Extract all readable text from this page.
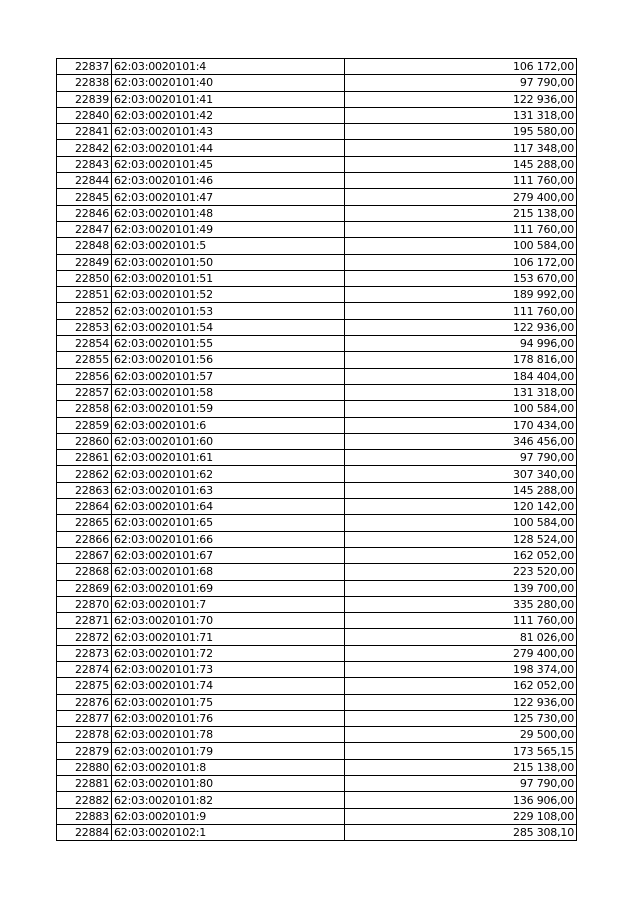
22837	62:03:0020101:4	106 172,00
22838	62:03:0020101:40	97 790,00
22839	62:03:0020101:41	122 936,00
22840	62:03:0020101:42	131 318,00
22841	62:03:0020101:43	195 580,00
22842	62:03:0020101:44	117 348,00
22843	62:03:0020101:45	145 288,00
22844	62:03:0020101:46	111 760,00
22845	62:03:0020101:47	279 400,00
22846	62:03:0020101:48	215 138,00
22847	62:03:0020101:49	111 760,00
22848	62:03:0020101:5	100 584,00
22849	62:03:0020101:50	106 172,00
22850	62:03:0020101:51	153 670,00
22851	62:03:0020101:52	189 992,00
22852	62:03:0020101:53	111 760,00
22853	62:03:0020101:54	122 936,00
22854	62:03:0020101:55	94 996,00
22855	62:03:0020101:56	178 816,00
22856	62:03:0020101:57	184 404,00
22857	62:03:0020101:58	131 318,00
22858	62:03:0020101:59	100 584,00
22859	62:03:0020101:6	170 434,00
22860	62:03:0020101:60	346 456,00
22861	62:03:0020101:61	97 790,00
22862	62:03:0020101:62	307 340,00
22863	62:03:0020101:63	145 288,00
22864	62:03:0020101:64	120 142,00
22865	62:03:0020101:65	100 584,00
22866	62:03:0020101:66	128 524,00
22867	62:03:0020101:67	162 052,00
22868	62:03:0020101:68	223 520,00
22869	62:03:0020101:69	139 700,00
22870	62:03:0020101:7	335 280,00
22871	62:03:0020101:70	111 760,00
22872	62:03:0020101:71	81 026,00
22873	62:03:0020101:72	279 400,00
22874	62:03:0020101:73	198 374,00
22875	62:03:0020101:74	162 052,00
22876	62:03:0020101:75	122 936,00
22877	62:03:0020101:76	125 730,00
22878	62:03:0020101:78	29 500,00
22879	62:03:0020101:79	173 565,15
22880	62:03:0020101:8	215 138,00
22881	62:03:0020101:80	97 790,00
22882	62:03:0020101:82	136 906,00
22883	62:03:0020101:9	229 108,00
22884	62:03:0020102:1	285 308,10
